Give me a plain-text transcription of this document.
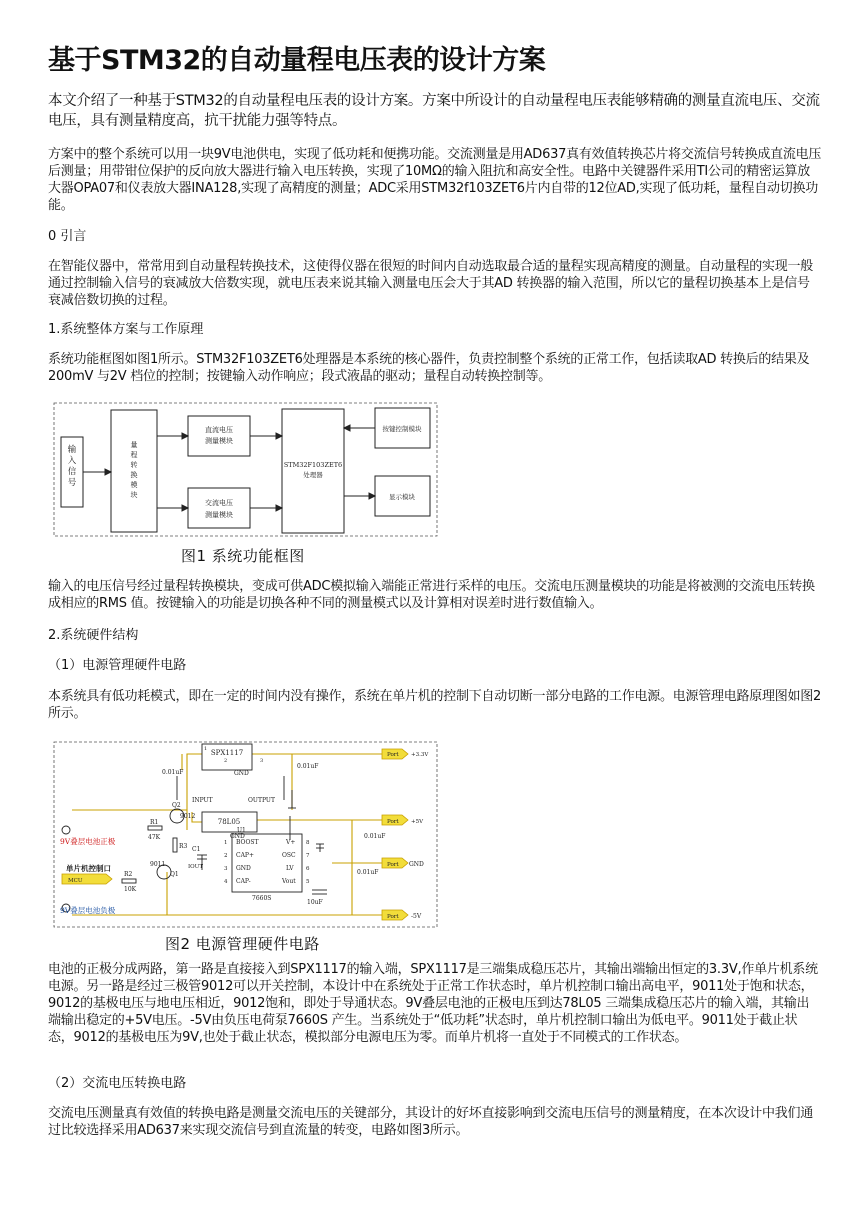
基于STM32的自动量程电压表的设计方案

本文介绍了一种基于STM32的自动量程电压表的设计方案。方案中所设计的自动量程电压表能够精确的测量直流电压、交流电压，具有测量精度高，抗干扰能力强等特点。

方案中的整个系统可以用一块9V电池供电，实现了低功耗和便携功能。交流测量是用AD637真有效值转换芯片将交流信号转换成直流电压后测量；用带钳位保护的反向放大器进行输入电压转换，实现了10MΩ的输入阻抗和高安全性。电路中关键器件采用TI公司的精密运算放大器OPA07和仪表放大器INA128,实现了高精度的测量；ADC采用STM32f103ZET6片内自带的12位AD,实现了低功耗，量程自动切换功能。

0 引言

在智能仪器中，常常用到自动量程转换技术，这使得仪器在很短的时间内自动选取最合适的量程实现高精度的测量。自动量程的实现一般通过控制输入信号的衰减放大倍数实现，就电压表来说其输入测量电压会大于其AD 转换器的输入范围，所以它的量程切换基本上是信号衰减倍数切换的过程。

1.系统整体方案与工作原理

系统功能框图如图1所示。STM32F103ZET6处理器是本系统的核心器件，负责控制整个系统的正常工作，包括读取AD 转换后的结果及200mV 与2V 档位的控制；按键输入动作响应；段式液晶的驱动；量程自动转换控制等。

输入信号
直流电压
测量模块
交流电压
测量模块
STM32F103ZET6
处理器
按键控制模块
显示模块
量程转换模块
图1 系统功能框图

输入的电压信号经过量程转换模块，变成可供ADC模拟输入端能正常进行采样的电压。交流电压测量模块的功能是将被测的交流电压转换成相应的RMS 值。按键输入的功能是切换各种不同的测量模式以及计算相对误差时进行数值输入。

2.系统硬件结构

（1）电源管理硬件电路

本系统具有低功耗模式，即在一定的时间内没有操作，系统在单片机的控制下自动切断一部分电路的工作电源。电源管理电路原理图如图2所示。

SPX1117
2
GND
3
1
0.01uF
0.01uF
Port +3.3V
INPUT	OUTPUT
78L05
GND
Port +5V
Q2
9012
R1
47K
R3
9011
Q1
R2
10K
C1
IOUT
U1
BOOST
CAP+
GND
CAP-
V+
OSC
LV
Vout
1
2
3
4
8
7
6
5
7660S
0.01uF
0.01uF
10uF
Port GND
Port -5V
9V叠层电池正极
单片机控制口
MCU
9V叠层电池负极
图2 电源管理硬件电路

电池的正极分成两路，第一路是直接接入到SPX1117的输入端，SPX1117是三端集成稳压芯片，其输出端输出恒定的3.3V,作单片机系统电源。另一路是经过三极管9012可以开关控制，本设计中在系统处于正常工作状态时，单片机控制口输出高电平，9011处于饱和状态，9012的基极电压与地电压相近，9012饱和，即处于导通状态。9V叠层电池的正极电压到达78L05 三端集成稳压芯片的输入端，其输出端输出稳定的+5V电压。-5V由负压电荷泵7660S 产生。当系统处于“低功耗”状态时，单片机控制口输出为低电平。9011处于截止状态，9012的基极电压为9V,也处于截止状态，模拟部分电源电压为零。而单片机将一直处于不同模式的工作状态。

（2）交流电压转换电路

交流电压测量真有效值的转换电路是测量交流电压的关键部分，其设计的好坏直接影响到交流电压信号的测量精度，在本次设计中我们通过比较选择采用AD637来实现交流信号到直流量的转变，电路如图3所示。
